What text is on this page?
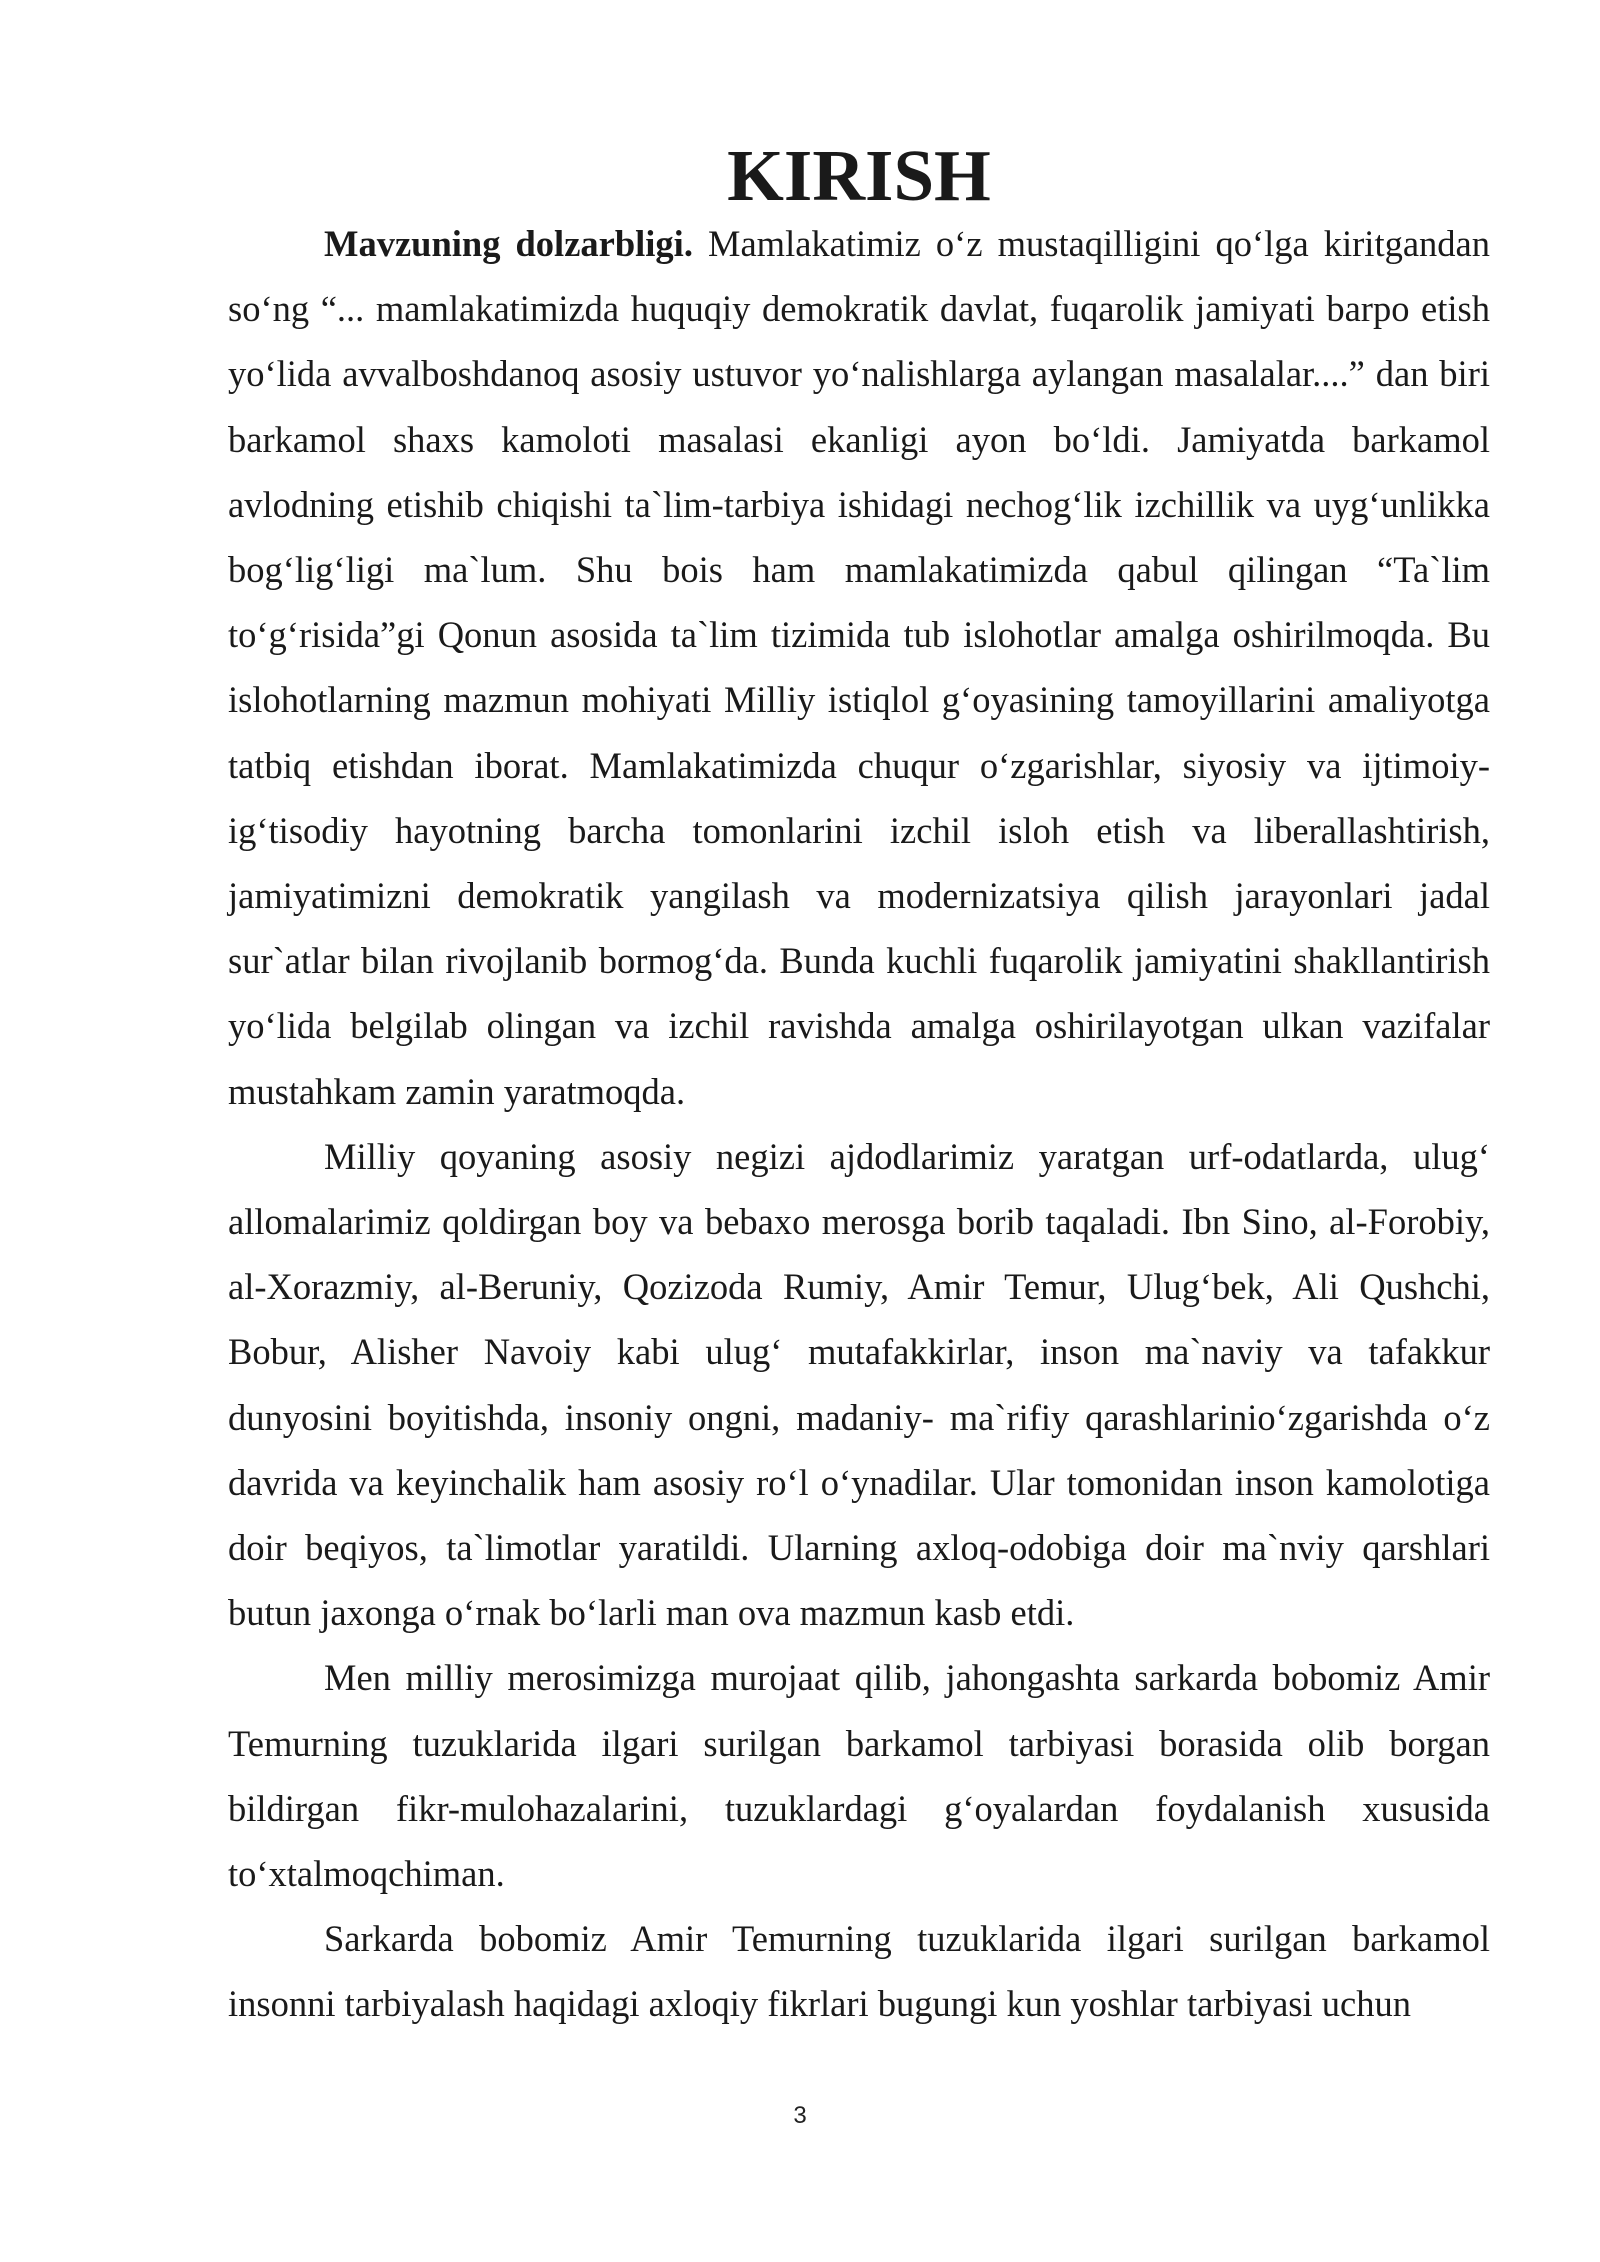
KIRISH

Mavzuning dolzarbligi. Mamlakatimiz o‘z mustaqilligini qo‘lga kiritgandan so‘ng “... mamlakatimizda huquqiy demokratik davlat, fuqarolik jamiyati barpo etish yo‘lida avvalboshdanoq asosiy ustuvor yo‘nalishlarga aylangan masalalar....” dan biri barkamol shaxs kamoloti masalasi ekanligi ayon bo‘ldi. Jamiyatda barkamol avlodning etishib chiqishi ta`lim-tarbiya ishidagi nechog‘lik izchillik va uyg‘unlikka bog‘lig‘ligi ma`lum. Shu bois ham mamlakatimizda qabul qilingan “Ta`lim to‘g‘risida”gi Qonun asosida ta`lim tizimida tub islohotlar amalga oshirilmoqda. Bu islohotlarning mazmun mohiyati Milliy istiqlol g‘oyasining tamoyillarini amaliyotga tatbiq etishdan iborat. Mamlakatimizda chuqur o‘zgarishlar, siyosiy va ijtimoiy-ig‘tisodiy hayotning barcha tomonlarini izchil isloh etish va liberallashtirish, jamiyatimizni demokratik yangilash va modernizatsiya qilish jarayonlari jadal sur`atlar bilan rivojlanib bormog‘da. Bunda kuchli fuqarolik jamiyatini shakllantirish yo‘lida belgilab olingan va izchil ravishda amalga oshirilayotgan ulkan vazifalar mustahkam zamin yaratmoqda.

Milliy qoyaning asosiy negizi ajdodlarimiz yaratgan urf-odatlarda, ulug‘ allomalarimiz qoldirgan boy va bebaxo merosga borib taqaladi. Ibn Sino, al-Forobiy, al-Xorazmiy, al-Beruniy, Qozizoda Rumiy, Amir Temur, Ulug‘bek, Ali Qushchi, Bobur, Alisher Navoiy kabi ulug‘ mutafakkirlar, inson ma`naviy va tafakkur dunyosini boyitishda, insoniy ongni, madaniy- ma`rifiy qarashlarinio‘zgarishda o‘z davrida va keyinchalik ham asosiy ro‘l o‘ynadilar. Ular tomonidan inson kamolotiga doir beqiyos, ta`limotlar yaratildi. Ularning axloq-odobiga doir ma`nviy qarshlari butun jaxonga o‘rnak bo‘larli man ova mazmun kasb etdi.

Men milliy merosimizga murojaat qilib, jahongashta sarkarda bobomiz Amir Temurning tuzuklarida ilgari surilgan barkamol tarbiyasi borasida olib borgan bildirgan fikr-mulohazalarini, tuzuklardagi g‘oyalardan foydalanish xususida to‘xtalmoqchiman.

Sarkarda bobomiz Amir Temurning tuzuklarida ilgari surilgan barkamol insonni tarbiyalash haqidagi axloqiy fikrlari bugungi kun yoshlar tarbiyasi uchun

3
